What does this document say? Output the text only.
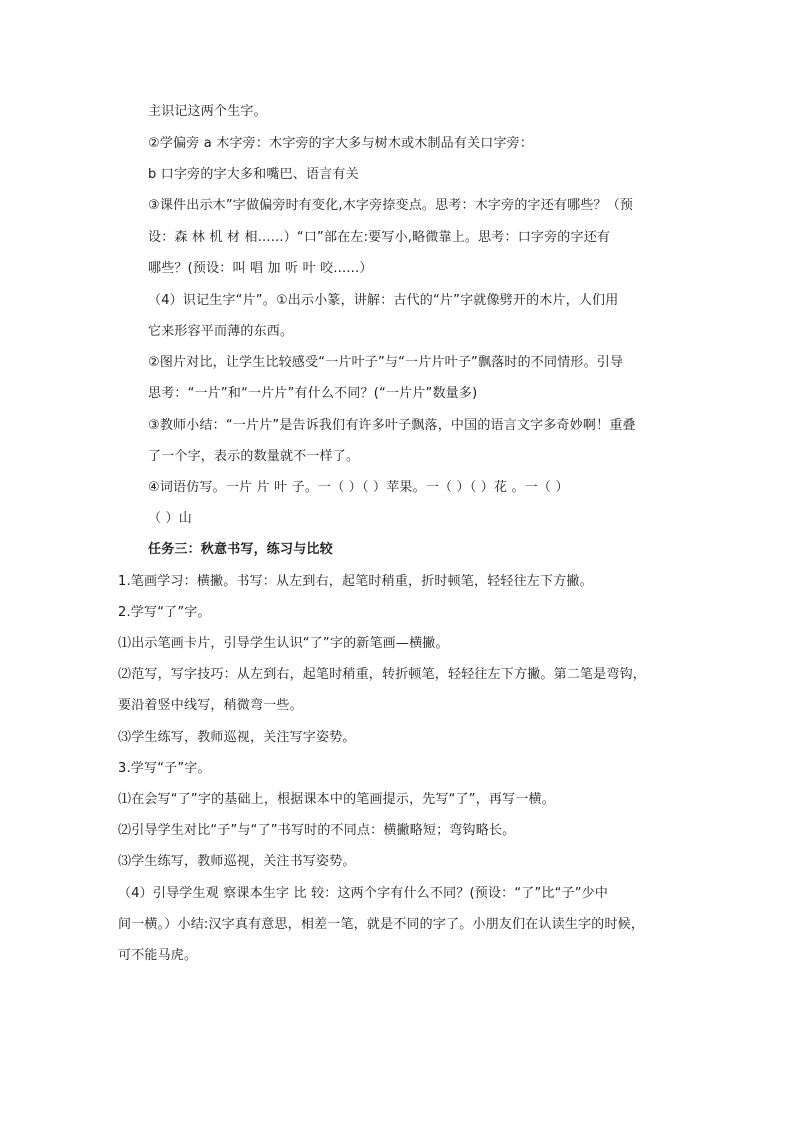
主识记这两个生字。
②学偏旁 a 木字旁：木字旁的字大多与树木或木制品有关口字旁：
b 口字旁的字大多和嘴巴、语言有关
③课件出示木”字做偏旁时有变化,木字旁捺变点。思考：木字旁的字还有哪些？（预
设：森 林 机 材 相......）“口”部在左:要写小,略微靠上。思考：口字旁的字还有
哪些？(预设：叫 唱 加 听 叶 咬......）
（4）识记生字“片”。①出示小篆，讲解：古代的“片”字就像劈开的木片，人们用
它来形容平而薄的东西。
②图片对比，让学生比较感受“一片叶子”与“一片片叶子”飘落时的不同情形。引导
思考：“一片”和“一片片”有什么不同？(“一片片”数量多)
③教师小结：“一片片”是告诉我们有许多叶子飘落，中国的语言文字多奇妙啊！重叠
了一个字，表示的数量就不一样了。
④词语仿写。一片 片 叶 子。一（ ）（ ）苹果。一（ ）（ ）花 。一（ ）
（ ）山
任务三：秋意书写，练习与比较
1.笔画学习：横撇。书写：从左到右，起笔时稍重，折时顿笔，轻轻往左下方撇。
2.学写“了”字。
⑴出示笔画卡片，引导学生认识“了”字的新笔画—横撇。
⑵范写，写字技巧：从左到右，起笔时稍重，转折顿笔，轻轻往左下方撇。第二笔是弯钩，
要沿着竖中线写，稍微弯一些。
⑶学生练写，教师巡视，关注写字姿势。
3.学写“子”字。
⑴在会写“了”字的基础上，根据课本中的笔画提示，先写“了”，再写一横。
⑵引导学生对比“子”与“了”书写时的不同点：横撇略短；弯钩略长。
⑶学生练写，教师巡视，关注书写姿势。
（4）引导学生观 察课本生字 比 较：这两个字有什么不同？(预设：“了”比“子”少中
间一横。）小结:汉字真有意思，相差一笔，就是不同的字了。小朋友们在认读生字的时候，
可不能马虎。
